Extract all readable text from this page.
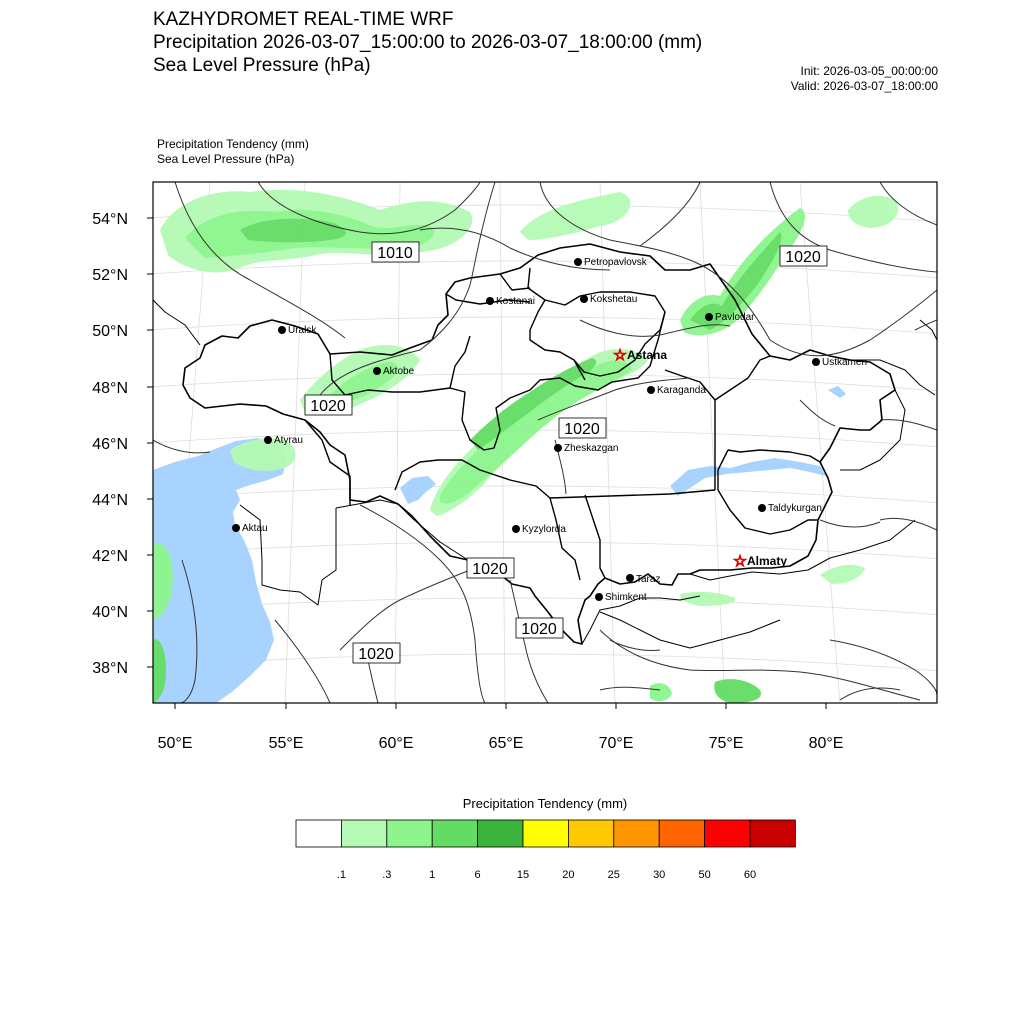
54°N
52°N
50°N
48°N
46°N
44°N
42°N
40°N
38°N
50°E	55°E	60°E	65°E	70°E	75°E	80°E
1010	1020
1020
1020
1020
1020
1020
Petropavlovsk
Kostanai	Kokshetau
Uralsk
Pavlodar
☆ Astana
Aktobe
Ustkamen
Karaganda
Atyrau
Zheskazgan
Aktau	Kyzylorda
Taldykurgan
☆ Almaty
Taraz
Shimkent
.1	.3	1	6	15	20	25	30	50	60
KAZHYDROMET REAL-TIME WRF
Precipitation 2026-03-07_15:00:00 to 2026-03-07_18:00:00 (mm)
Sea Level Pressure (hPa)	Init: 2026-03-05_00:00:00
Valid: 2026-03-07_18:00:00
Precipitation Tendency (mm)
Sea Level Pressure (hPa)
Precipitation Tendency (mm)
